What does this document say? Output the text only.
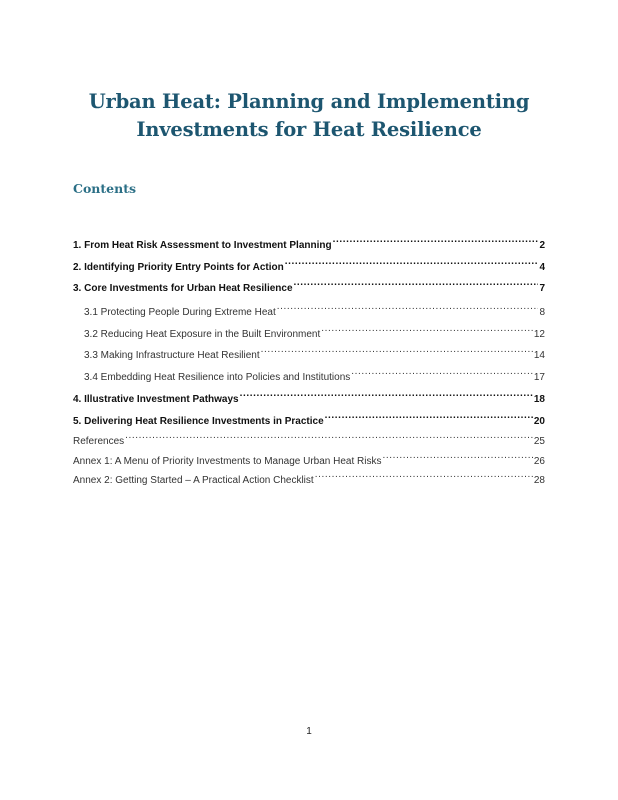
Urban Heat: Planning and Implementing
Investments for Heat Resilience
Contents
1. From Heat Risk Assessment to Investment Planning .....	2
2. Identifying Priority Entry Points for Action .....	4
3. Core Investments for Urban Heat Resilience .....	7
3.1 Protecting People During Extreme Heat .....	8
3.2 Reducing Heat Exposure in the Built Environment .....	12
3.3 Making Infrastructure Heat Resilient .....	14
3.4 Embedding Heat Resilience into Policies and Institutions .....	17
4. Illustrative Investment Pathways .....	18
5. Delivering Heat Resilience Investments in Practice .....	20
References .....	25
Annex 1: A Menu of Priority Investments to Manage Urban Heat Risks .....	26
Annex 2: Getting Started – A Practical Action Checklist .....	28
1
